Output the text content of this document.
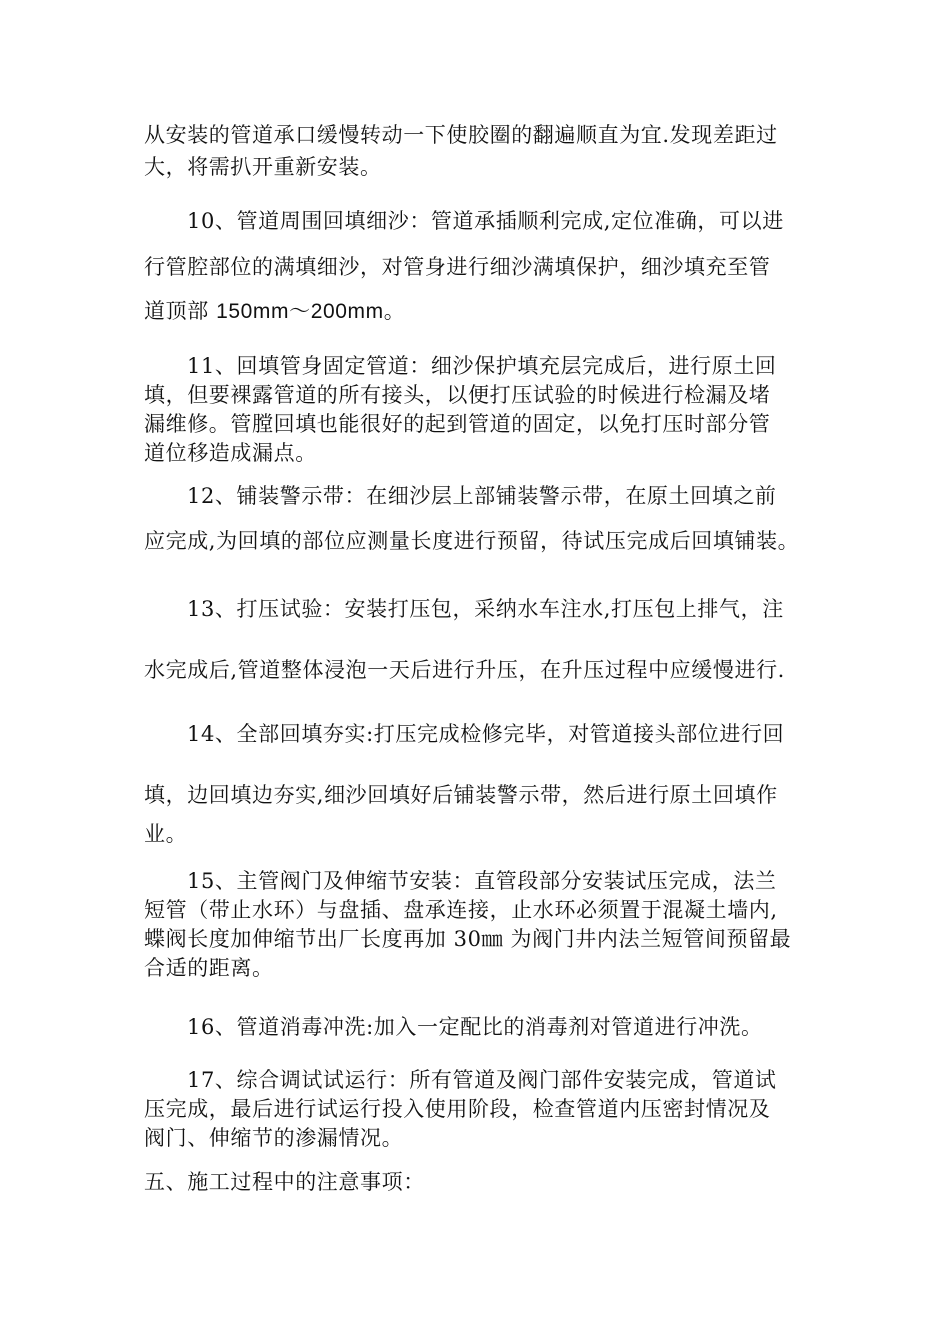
从安装的管道承口缓慢转动一下使胶圈的翻遍顺直为宜.发现差距过
大，将需扒开重新安装。
10、管道周围回填细沙：管道承插顺利完成,定位准确，可以进
行管腔部位的满填细沙，对管身进行细沙满填保护，细沙填充至管
道顶部 150mm～200mm。
11、回填管身固定管道：细沙保护填充层完成后，进行原土回
填，但要裸露管道的所有接头，以便打压试验的时候进行检漏及堵
漏维修。管膛回填也能很好的起到管道的固定，以免打压时部分管
道位移造成漏点。
12、铺装警示带：在细沙层上部铺装警示带，在原土回填之前
应完成,为回填的部位应测量长度进行预留，待试压完成后回填铺装。
13、打压试验：安装打压包，采纳水车注水,打压包上排气，注
水完成后,管道整体浸泡一天后进行升压，在升压过程中应缓慢进行.
14、全部回填夯实:打压完成检修完毕，对管道接头部位进行回
填，边回填边夯实,细沙回填好后铺装警示带，然后进行原土回填作
业。
15、主管阀门及伸缩节安装：直管段部分安装试压完成，法兰
短管（带止水环）与盘插、盘承连接，止水环必须置于混凝土墙内,
蝶阀长度加伸缩节出厂长度再加 30㎜ 为阀门井内法兰短管间预留最
合适的距离。
16、管道消毒冲洗:加入一定配比的消毒剂对管道进行冲洗。
17、综合调试试运行：所有管道及阀门部件安装完成，管道试
压完成，最后进行试运行投入使用阶段，检查管道内压密封情况及
阀门、伸缩节的渗漏情况。
五、施工过程中的注意事项：
